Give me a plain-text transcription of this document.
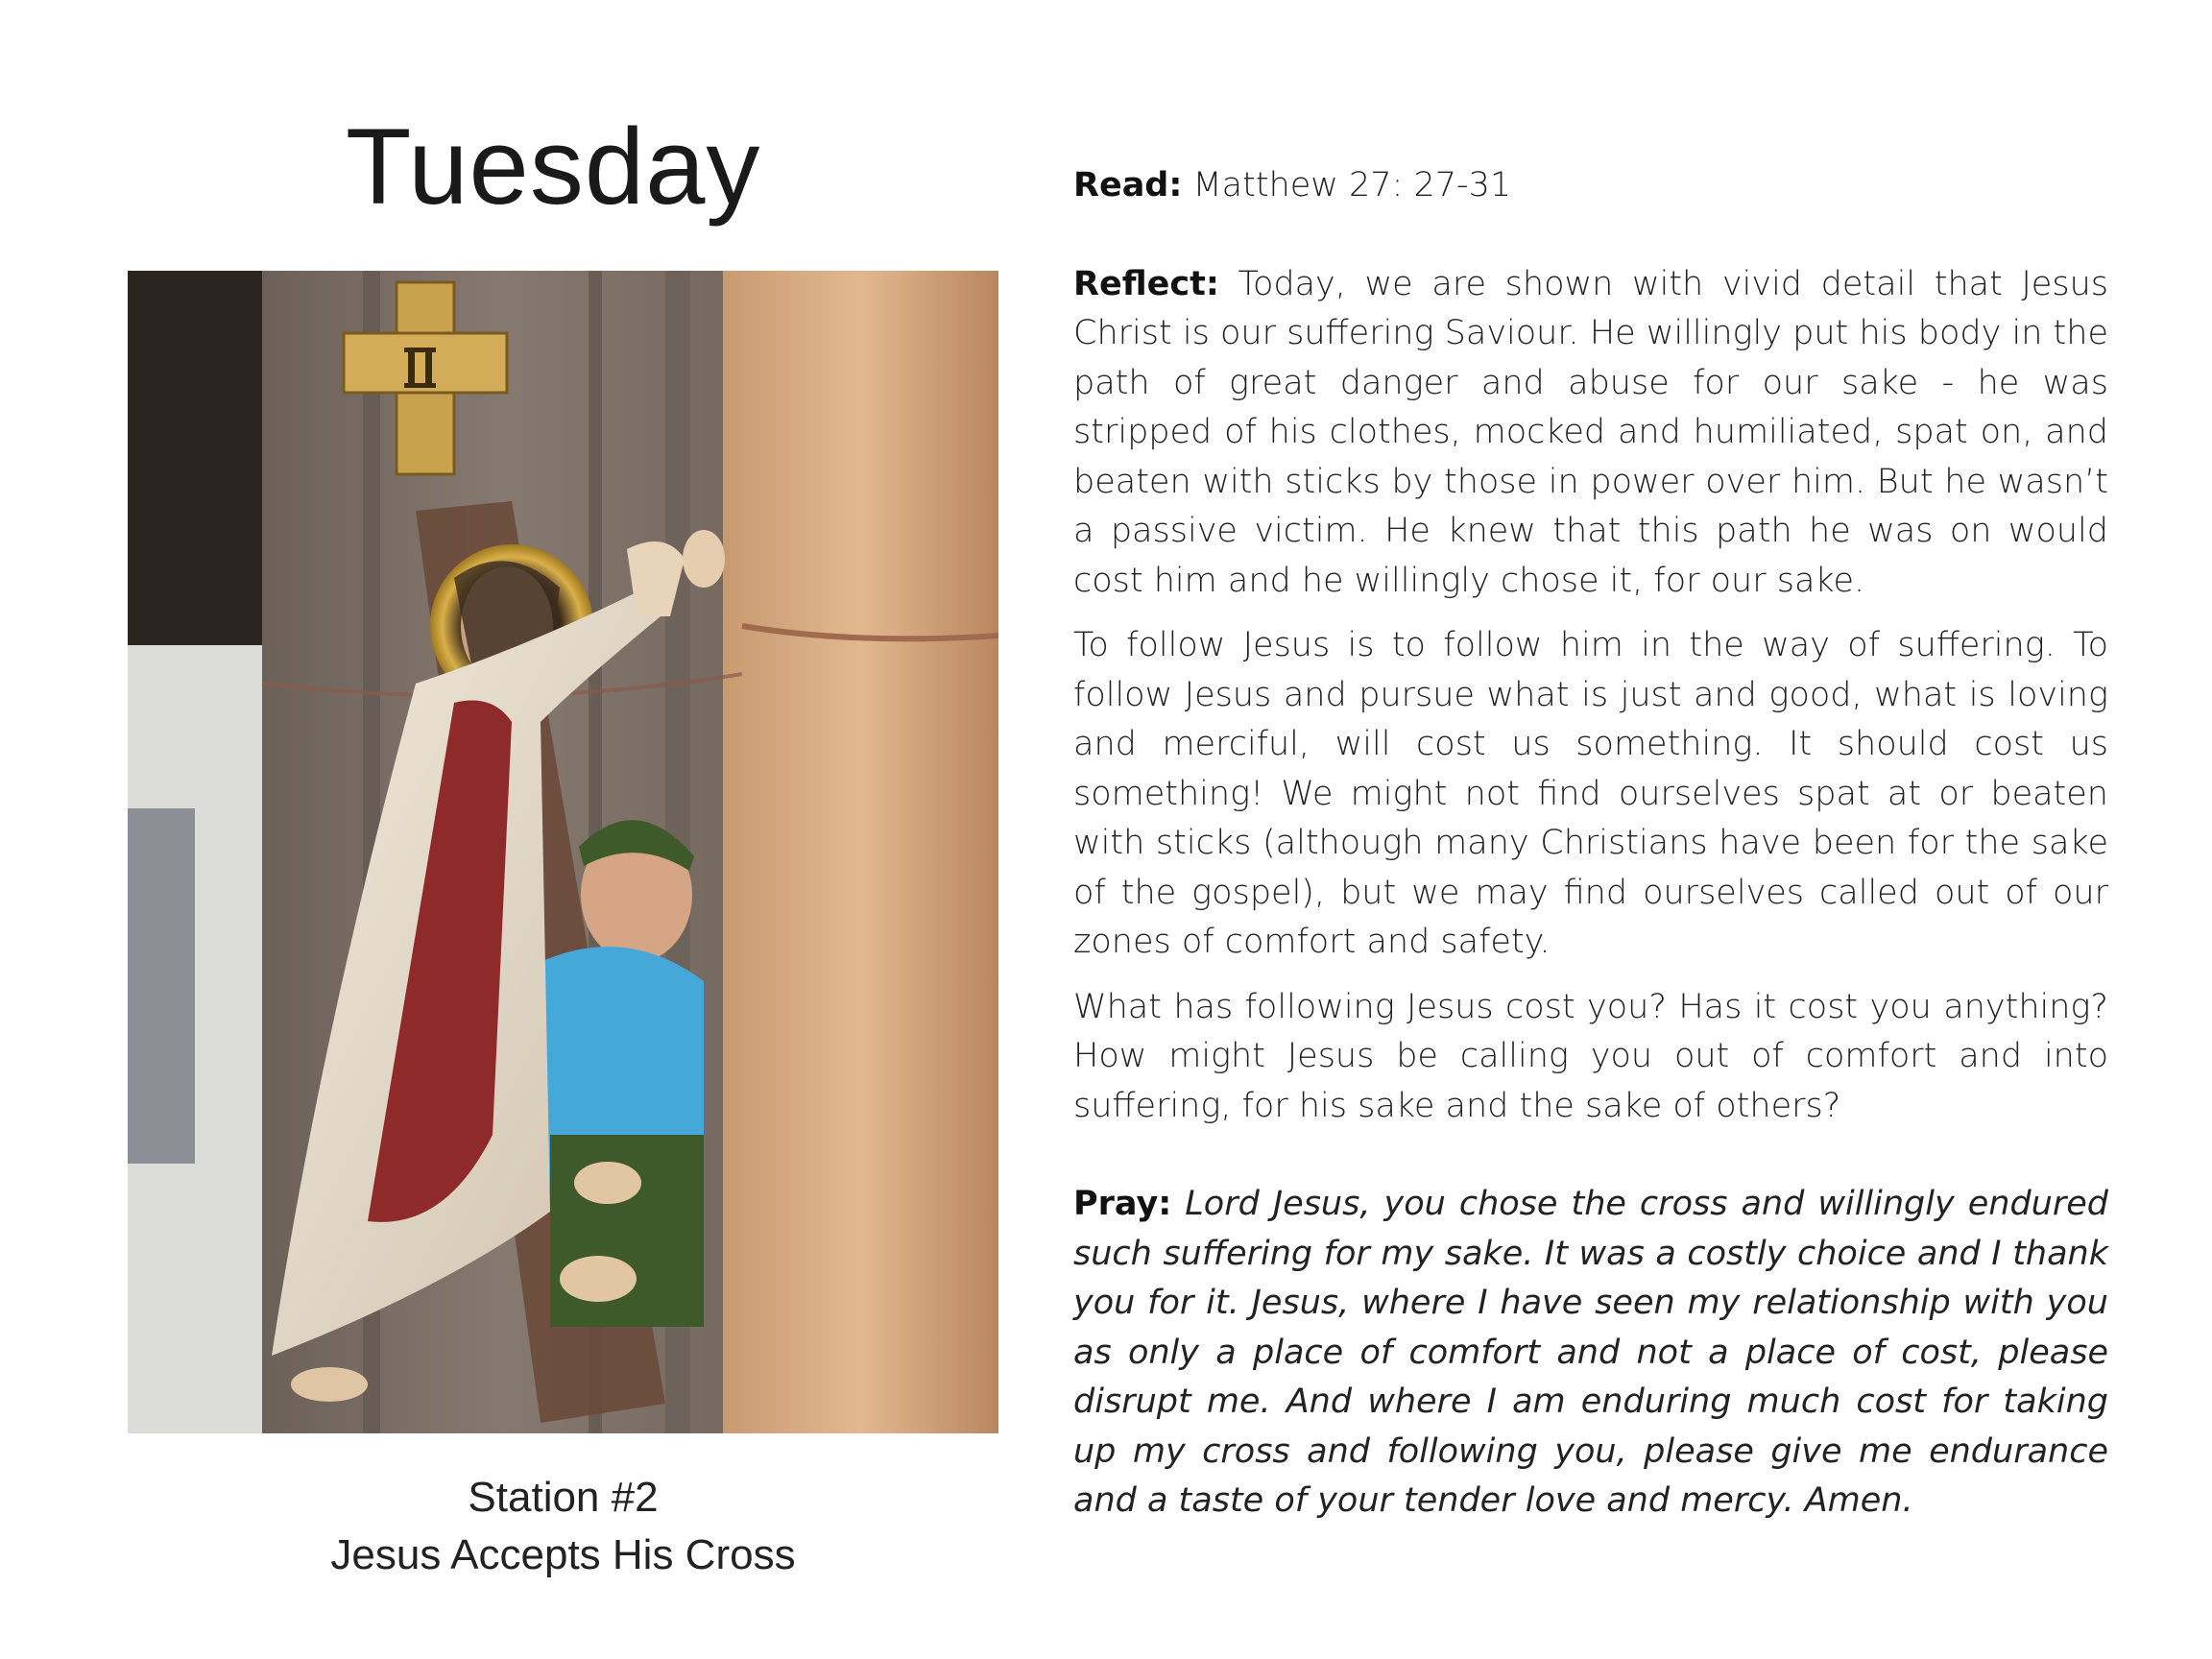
Tuesday
Station #2
Jesus Accepts His Cross

Read: Matthew 27: 27-31

Reflect: Today, we are shown with vivid detail that Jesus Christ is our suffering Saviour. He willingly put his body in the path of great danger and abuse for our sake - he was stripped of his clothes, mocked and humiliated, spat on, and beaten with sticks by those in power over him. But he wasn’t a passive victim. He knew that this path he was on would cost him and he willingly chose it, for our sake.

To follow Jesus is to follow him in the way of suffering. To follow Jesus and pursue what is just and good, what is loving and merciful, will cost us something. It should cost us something! We might not find ourselves spat at or beaten with sticks (although many Christians have been for the sake of the gospel), but we may find ourselves called out of our zones of comfort and safety.

What has following Jesus cost you? Has it cost you anything? How might Jesus be calling you out of comfort and into suffering, for his sake and the sake of others?

Pray: Lord Jesus, you chose the cross and willingly endured such suffering for my sake. It was a costly choice and I thank you for it. Jesus, where I have seen my relationship with you as only a place of comfort and not a place of cost, please disrupt me. And where I am enduring much cost for taking up my cross and following you, please give me endurance and a taste of your tender love and mercy. Amen.
